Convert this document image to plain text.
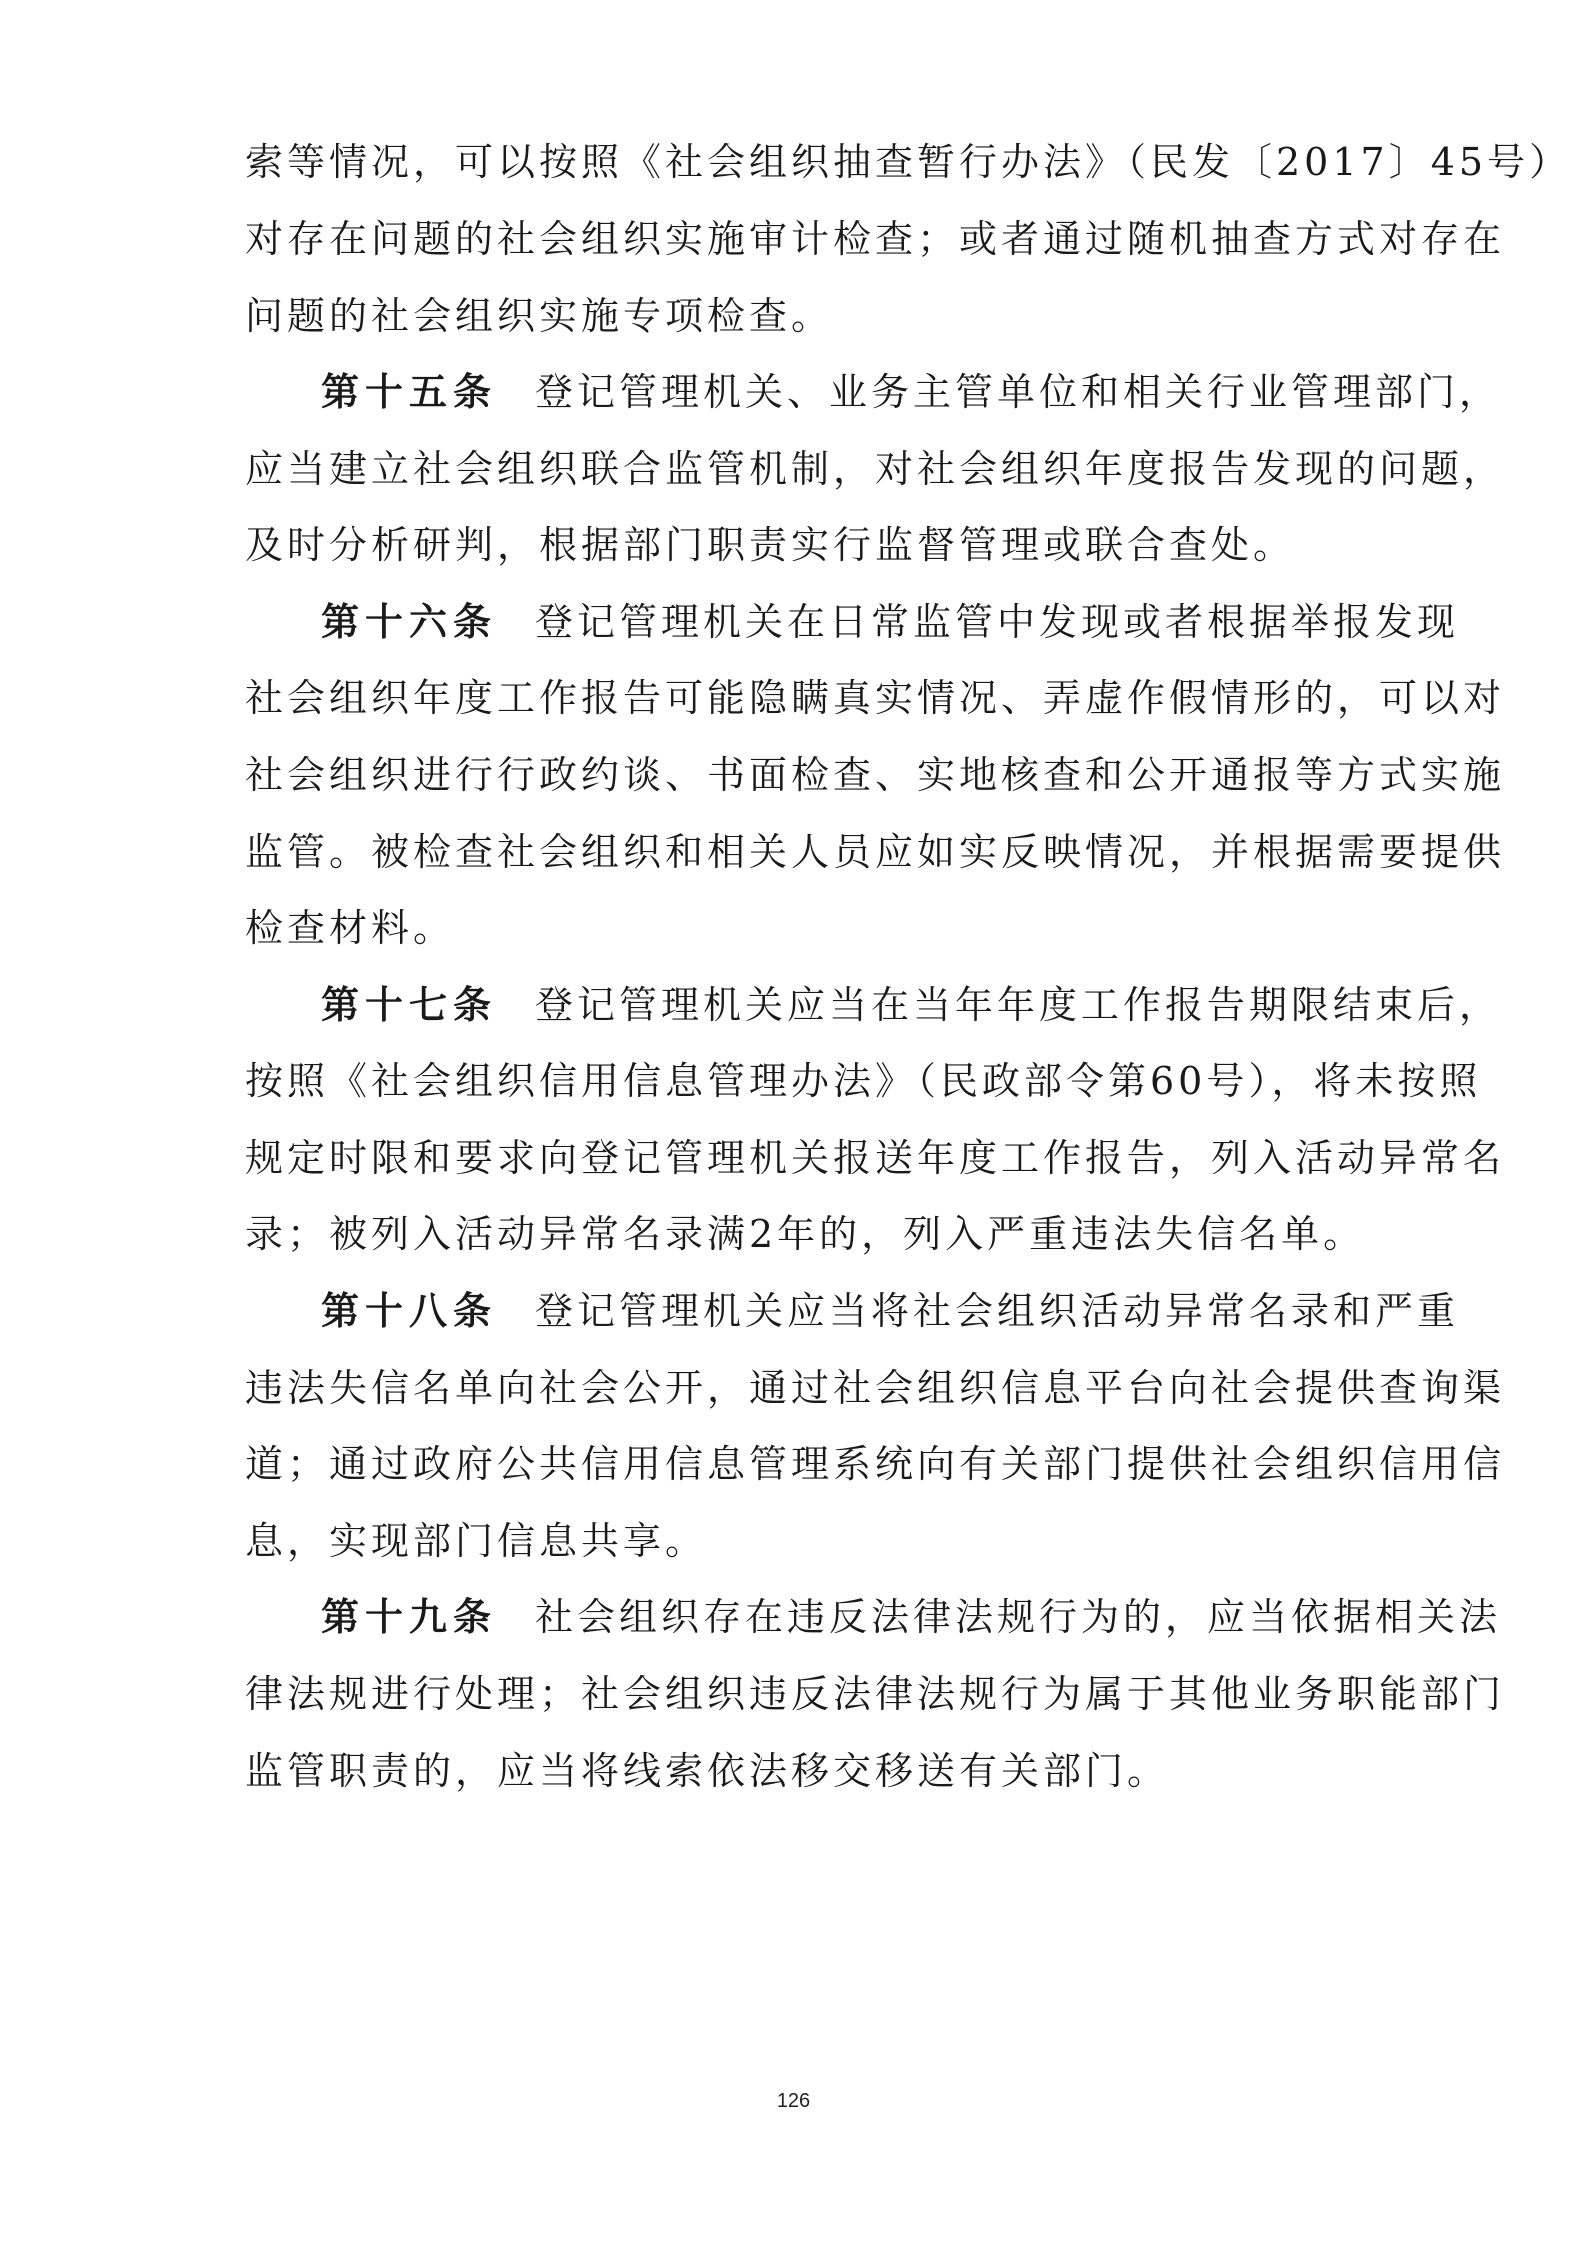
索等情况，可以按照《社会组织抽查暂行办法》（民发〔2017〕45号）
对存在问题的社会组织实施审计检查；或者通过随机抽查方式对存在
问题的社会组织实施专项检查。
第十五条 登记管理机关、业务主管单位和相关行业管理部门，
应当建立社会组织联合监管机制，对社会组织年度报告发现的问题，
及时分析研判，根据部门职责实行监督管理或联合查处。
第十六条 登记管理机关在日常监管中发现或者根据举报发现
社会组织年度工作报告可能隐瞒真实情况、弄虚作假情形的，可以对
社会组织进行行政约谈、书面检查、实地核查和公开通报等方式实施
监管。被检查社会组织和相关人员应如实反映情况，并根据需要提供
检查材料。
第十七条 登记管理机关应当在当年年度工作报告期限结束后，
按照《社会组织信用信息管理办法》（民政部令第60号），将未按照
规定时限和要求向登记管理机关报送年度工作报告，列入活动异常名
录；被列入活动异常名录满2年的，列入严重违法失信名单。
第十八条 登记管理机关应当将社会组织活动异常名录和严重
违法失信名单向社会公开，通过社会组织信息平台向社会提供查询渠
道；通过政府公共信用信息管理系统向有关部门提供社会组织信用信
息，实现部门信息共享。
第十九条 社会组织存在违反法律法规行为的，应当依据相关法
律法规进行处理；社会组织违反法律法规行为属于其他业务职能部门
监管职责的，应当将线索依法移交移送有关部门。
126
